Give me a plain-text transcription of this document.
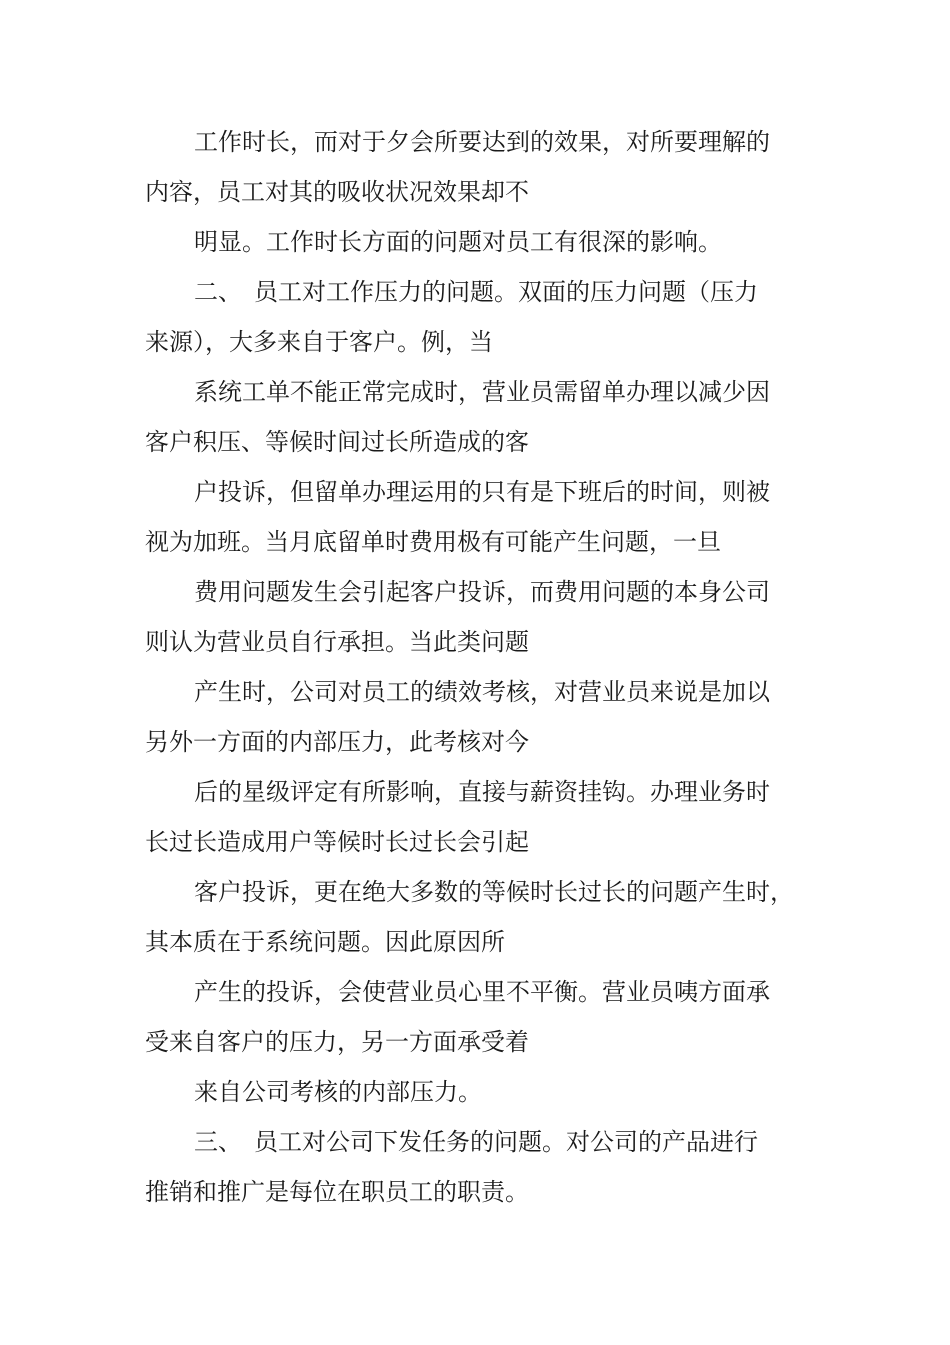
工作时长，而对于夕会所要达到的效果，对所要理解的

内容，员工对其的吸收状况效果却不

明显。工作时长方面的问题对员工有很深的影响。

二、　员工对工作压力的问题。双面的压力问题（压力

来源），大多来自于客户。例，当

系统工单不能正常完成时，营业员需留单办理以减少因

客户积压、等候时间过长所造成的客

户投诉，但留单办理运用的只有是下班后的时间，则被

视为加班。当月底留单时费用极有可能产生问题，一旦

费用问题发生会引起客户投诉，而费用问题的本身公司

则认为营业员自行承担。当此类问题

产生时，公司对员工的绩效考核，对营业员来说是加以

另外一方面的内部压力，此考核对今

后的星级评定有所影响，直接与薪资挂钩。办理业务时

长过长造成用户等候时长过长会引起

客户投诉，更在绝大多数的等候时长过长的问题产生时，

其本质在于系统问题。因此原因所

产生的投诉，会使营业员心里不平衡。营业员咦方面承

受来自客户的压力，另一方面承受着

来自公司考核的内部压力。

三、　员工对公司下发任务的问题。对公司的产品进行

推销和推广是每位在职员工的职责。
